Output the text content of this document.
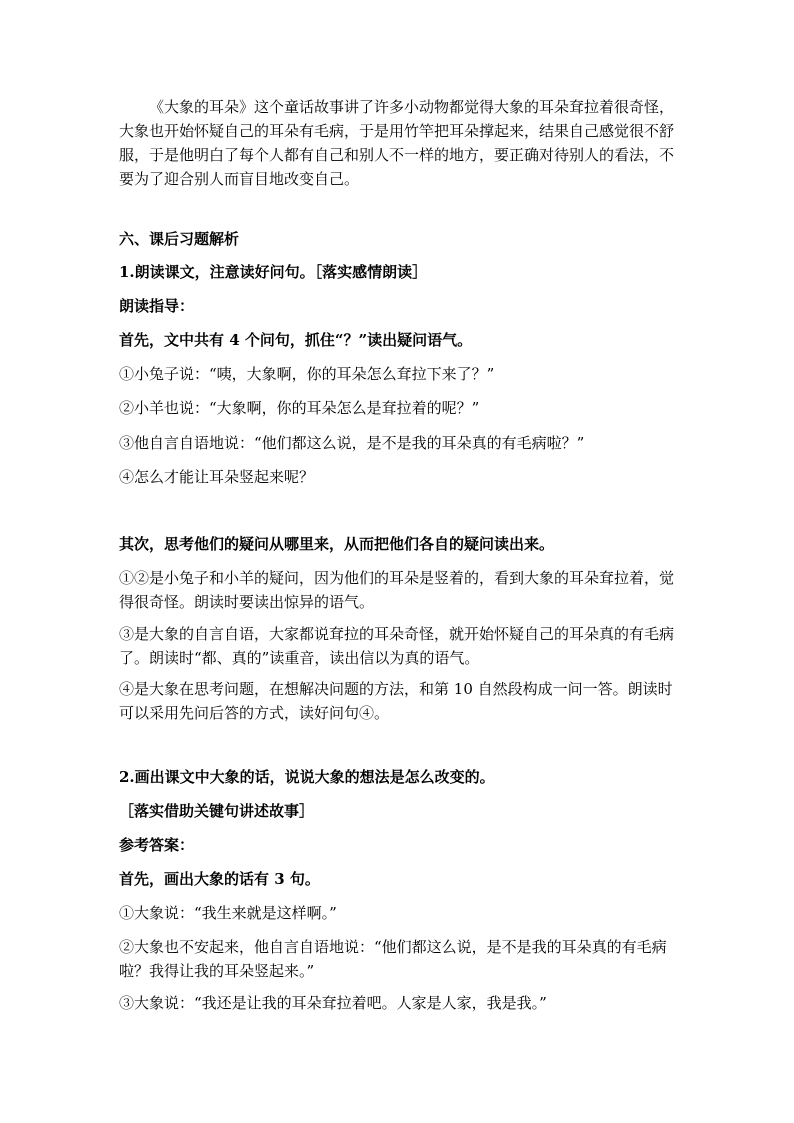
《大象的耳朵》这个童话故事讲了许多小动物都觉得大象的耳朵耷拉着很奇怪，大象也开始怀疑自己的耳朵有毛病，于是用竹竿把耳朵撑起来，结果自己感觉很不舒服，于是他明白了每个人都有自己和别人不一样的地方，要正确对待别人的看法，不要为了迎合别人而盲目地改变自己。

六、课后习题解析

1.朗读课文，注意读好问句。［落实感情朗读］

朗读指导：

首先，文中共有 4 个问句，抓住“？”读出疑问语气。

①小兔子说：“咦，大象啊，你的耳朵怎么耷拉下来了？”

②小羊也说：“大象啊，你的耳朵怎么是耷拉着的呢？”

③他自言自语地说：“他们都这么说，是不是我的耳朵真的有毛病啦？”

④怎么才能让耳朵竖起来呢？

其次，思考他们的疑问从哪里来，从而把他们各自的疑问读出来。

①②是小兔子和小羊的疑问，因为他们的耳朵是竖着的，看到大象的耳朵耷拉着，觉得很奇怪。朗读时要读出惊异的语气。

③是大象的自言自语，大家都说耷拉的耳朵奇怪，就开始怀疑自己的耳朵真的有毛病了。朗读时“都、真的”读重音，读出信以为真的语气。

④是大象在思考问题，在想解决问题的方法，和第 10 自然段构成一问一答。朗读时可以采用先问后答的方式，读好问句④。

2.画出课文中大象的话，说说大象的想法是怎么改变的。

［落实借助关键句讲述故事］

参考答案：

首先，画出大象的话有 3 句。

①大象说：“我生来就是这样啊。”

②大象也不安起来，他自言自语地说：“他们都这么说，是不是我的耳朵真的有毛病啦？我得让我的耳朵竖起来。”

③大象说：“我还是让我的耳朵耷拉着吧。人家是人家，我是我。”
